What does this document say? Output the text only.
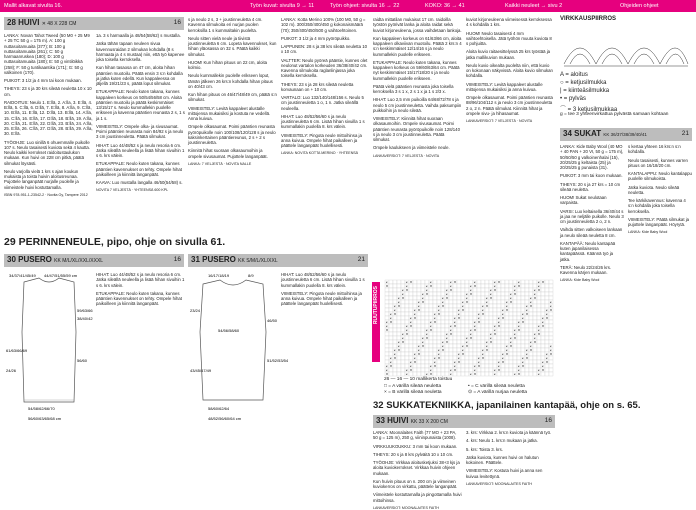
Mallit alkavat sivulta 16.	Työn kuvat: sivulta 9 → 11	Työn ohjeet: sivulta 16 → 22	KOKO: 36 → 41	Kaikki neuleet → sivu 2	Ohjeiden ohjeet
28 HUIVI ✕ 48 X 228 CM	16

LANKA: Novan Tahot Tweed (50 M0 + 25 M9 + 25 TC 50 g = 175 m). A: 100 g nuttasoitamuaita (377); B: 100 g nuttasoitamuaita (261); C: 50 g harmaanruskea (180); D: 100 g nuttasoitamuaita (180); E: 50 g vintilöikkä (258); F: 50 g tuntikaantika (171); G: 50 g valkoinen (170).

PUIKOT: 3 1/2 ja 4 mm tai koon mukaan.

TIHEYS: 23 s ja 30 krs sileää neuletta 10 x 10 cm.

RAIDOITUS: Neulo 1. E:llä, 2. A:lla, 3. E:llä, 4. B:llä, 5. C:llä, 6. D:llä, 7. E:llä, 8. A:lla, 9. C:llä, 10. B:llä, 11. E:llä, 12. D:llä, 13. B:llä, 14. A:lla, 15. C:llä, 16. E:llä, 17. D:llä, 18. B:llä, 19. A:lla, 20. C:llä, 21. E:llä, 22. D:llä, 23. B:llä, 24. A:lla, 25. E:llä, 26. C:llä, 27. D:llä, 28. B:llä, 29. A:lla, 30. E:llä.

TYÖOHJE: Luo sinillä 6 ohuemmalle puikolle 107 s. Neulo tasaisesti kuviota sekä 4 kautta. Neulo kaikki kerrokset raidoitustaulukon mukaan. Kun huivi on 228 cm pitkä, päätä silmukat löysästi.

Neulo varjolla vielä 1 krs s ajan koukun mukaista ja toista huivin aloitusreunaa. Pujottele langanpäät nurjalle puolelle ja viimeistele huivi kostuttamalla.

ISBN 978-951-1-23542-2 · Novita Oy, Tampere 2012

1a. 3 s harmaalla ja 48/54(58/62) s mustalla.

Jatka tähän tapaan neuleen sivua kavennusraidan 2 silmukan kohdalla (8 s harmaata ja 4 s mustaa) niin, että työ kapenee joka toisella kerroksella.

Kun hihan tasaosa on 47 cm, aloita hihan pääntien muotoilu. Päätä ensin 3 s:n kohdalla ja jatka kuten edellä. Kun kappaleessa on jäljellä 19/21/23 s, päätä loput silmukat.

ETUKAPPALE: Neulo kuten takana, kunnes kappaleen korkeus on 50/54/56/58 cm. Aloita pääntien muotoilu ja päätä keskimmäiset 13/15/17 s. Neulo kummallekin puolelle erikseen ja kavenna pääntien reunasta 2 s, 1 s ja 1 s.

VIIMEISTELY: Ompele olka- ja sivusaumat. Poimi pääntien reunasta noin 84/92 s ja neulo 3 cm joustinneuletta. Päätä silmukat.

HIHAT: Luo 44/48/52 s ja neulo resoria 6 cm. Jatka sileällä neuleella ja lisää hihan sivuihin 1 s 6. krs välein.

ETUKAPPALE: Neulo kuten takana, kunnes pääntien kavennukset on tehty. Ompele hihat paikoilleen ja kiinnitä langanpäät.

KAAVA: Luo mustalla langalla 46/50(54/58) s.

NOVITA 7 VELJESTÄ · YHTEENSÄ 600 KPL

29 PERINNENEULE, pipo, ohje on sivulla 61.
30 PUSERO KK M/L/XL/XXL/XXXL	16
34/37/41/45/49 44/47/51/55/59 cm
59/63/66
38/40/42
56/60
54/58/62/66/70
61/63/66/69
24/26
56/60/63/65/68 cm

HIHAT: Luo 44/48/52 s ja neulo resoria 6 cm. Jatka sileällä neuleella ja lisää hihan sivuihin 1 s 6. krs välein.

ETUKAPPALE: Neulo kuten takana, kunnes pääntien kavennukset on tehty. Ompele hihat paikoilleen ja kiinnitä langanpäät.

31 PUSERO KK S/M/L/XL/XXL	21

s ja neulo 2 s, 3 + joustinneuletta 4 cm. Kavenna silmukoita eri nurjan puolen kerroksilla 1 s kummaltakin puolelta.

Neulo sitten vielä neule ja tiivistä joustinneuletta 6 cm. Lopeta kavennukset, kun hihan yläosassa on 32 s. Päätä kaikki silmukat.

HUOM! Kun hihan pituus on 22 cm, aloita kolmio.

Neulo kummallekin puolelle erikseen loput, tämän jälkeen 26 krs:n kohdalla hihan pituus on 40/43 cm.

Kun hihan pituus on 46/47/48/49 cm, päätä s:n silmukat.

VIIMEISTELY: Levitä kappaleet alustalle mittojensa mukaisiksi ja kostuta ne vedellä. Anna kuivua.

Ompele olkasaumat. Poimi pääntien reunasta pyöröpuikolle noin 100/108/120/128 s ja neulo kaksinkertainen pääntiereunus, 2 s + 2 s joustinneuletta.

Kiinnitä hihat suoraan olkasaumoihin ja ompele sivusaumat. Pujottele langanpäät.

LANKA: 7 VELJESTÄ · NOVITA NALLE

LANKA: Kotta Merino 100% (100 M0, 50 g = 102 m). 300/350/400/450 g kokonaismäärä (70); 350/400/450/500 g vaihtoehtoinen.

PUIKOT: 3 1/2 ja 4 mm pyöröpuikko.

LAPPUNEN: 28 s ja 38 krs sileää neuletta 10 x 10 cm.

VALTTER: Neulo pyöreä pääntie, kunnes olet neulonut vartalon korkeuden 36/38/40/42 cm. Kavenna silmukoita raglanlinjassa joka toisella kerroksella.

TIHEYS: 23 s ja 28 krs sileää neuletta korvaunaan on + 10 cm.

VARTALO: Luo 132/140/148/156 s. Neulo 5 cm joustinneuletta 1 o, 1 n. Jatka sileällä neuleella.

HIHAT: Luo 48/52/56/60 s ja neulo joustinneuletta 6 cm. Lisää hihan sivuilla 1 s kummallakin puolella 8. krs välein.

VIIMEISTELY: Pingota neule mittoihinsa ja anna kuivua. Ompele hihat paikalleen ja päättele langanpäät huolellisesti.

LANKA: NOVITA KOTTA MERINO · YHTEENSÄ

16/17/18/19	8/9
23/24
54/56/58/60
46/50
51/52/53/54
43/45/47/49
58/60/62/64
48/52/56/60/64 cm

HIHAT: Luo 48/52/56/60 s ja neulo joustinneuletta 6 cm. Lisää hihan sivuilla 1 s kummallakin puolella 8. krs välein.

VIIMEISTELY: Pingota neule mittoihinsa ja anna kuivua. Ompele hihat paikalleen ja päättele langanpäät huolellisesti.

raidta mittatilan mukaisut 17 cm. raidoilla työstön pyörivät lanka ja aloita raidat sekä kuviot kirjoneuleena, jossa vaihdetaan lankoja.

Kun kappaleen korkeus on 61/63/66 cm, aloita kappaleen olkaviivan muotoilu. Päätä 2 krs:n 4 s:n keskimmäiset 12/14/16 s ja neulo kummallekin puolelle erikseen.

ETUKAPPALE: Neulo kuten takana, kunnes kappaleen korkeus on 59/60/63/64 cm. Päätä nyt keskimmäiset 15/17/18/20 s ja neulo kummallekin puolelle erikseen.

Päätä vielä pääntien reunasta joka toisella kerroksella 3 s 1 x, 2 s 1 x ja 1 s 2/3 x.

HIHAT: Luo 2,5 mm puikoilla 64/68/72/78 s ja neulo 5 cm joustinneuletta. Vaihda paksumpiin puikkoihin ja neulo sileää.

VIIMEISTELY: Kiinnitä hihat suoraan olkasaumoihin. Ompele sivusaumat. Poimi pääntien reunasta pyöröpuikolle noin 128/140 s ja neulo 3 cm joustinneuletta. Päätä silmukat.

Ompele kaulukseen ja viimeistele neule.

LANKAVERSIOT: 7 VELJESTÄ · NOVITA

kuviot kirjoneuleena viimeisessä kerroksessa 4 s kohdalla 1 krs.

HUOM! Neulo tasaisesti 4 mm vaihtoehtoisella. Jätä työhön muuta kuviota 8 s pohjuitta.

Aloita kuvio raitaesittelyssä 25 krs työstää ja jatka mallikuvion mukaan.

Neulo kuvio oikealta puolelta niin, että kuvio on kokonaan näkyvissä. Aloita kuvio silmukan kohdalla.

VIIMEISTELY: Levitä kappaleet alustalle mittojensa mukaisiksi ja anna kuivua.

Ompele olkasaumat. Poimi pääntien reunasta 88/96/104/112 s ja neulo 3 cm joustinneuletta 2 o, 2 n. Päätä silmukat. Kiinnitä hihat ja ompele sivu- ja hihasaumat.

LANKAVERSIOT: 7 VELJESTÄ · NOVITA

RUUTUPIIRROS
×	×	×	×	×	×	×	×
×	×	×	×	×	×	×
×	×	×	×	×	×	×
×	×	×	×	×	×	×
×	×	×	×	×	×	×
×	×	×	×	×	×	×	×
×	×	×	×	×	×	×	×
×	×	×	×	×	×	×	×
×	×	×	×	×	×	×	×
×	×	×	×	×	×	×	×
×	×	×	×	×	×	×	×
×	×	×	×	×	×	×	×
×	×	×	×	×	×	×
×	×	×	×	×	×	×
×	×	×	×	×	×	×
×	×	×	×	×	×	×
×	×	×	×	×	×	×	×
×	×	×	×	×	×	×	×
×	×	×	×	×	×	×	×
×	×	×	×	×	×	×	×
×	×	×	×	×	×	×	×
×	×	×	×	×	×	×	×
×	×	×	×	×	×	×	×
×	×	×	×	×	×	×
26 — 16 — 10 mallikerta toistuu
□ = A värillä sileää neuletta
× = B värillä sileää neuletta
• = C värillä sileää neuletta
⊙ = A värillä nurjaa neuletta
32 SUKKATEKNIIKKA, japanilainen kantapää, ohje on s. 65.
33 HUIVI KK 33 X 200 CM	16

LANKA: Moonalaites Faith (77 MO + 23 PA, 50 g = 125 m), 250 g, viininpunaista (1008).

VIRKKUUKOUKKU: 3 mm tai koon mukaan.

TIHEYS: 20 s ja 8 krs pylväitä 10 x 10 cm.

TYÖOHJE: Virkkaa aloitusketjuksi 38+3 kjs ja aloita kuviokerrokset. Virkkaa huivin ohjeen mukaan.

Kun huivin pituus on n. 200 cm ja viimeinen kuviokerros on virkattu, päättele langanpäät.

Viimeistele kostuttamalla ja pingottamalla huivi mittoihinsa.

LANKAVERSIOT: MOONALAITES FAITH

3. krs: Virkkaa 2. krs:n kuviota ja käännä työ.

4. krs: Neulo 1. krs:n mukaan ja jatka.

5. krs: Toista 3. krs.

Jatka kuviota, kunnes huivi on halutun kokoinen. Päättele.

VIIMEISTELY: Kostuta huivi ja anna sen kuivua levitettynä.

LANKAVERSIOT: MOONALAITES FAITH

VIRKKAUSPIIRROS
A = aloitus
○ = ketjusilmukka
| = kiinteäsilmukka
• = pylväs
⌒ = 3 ketjusilmukkaa
g = tee 3 yhteenvirkattua pylvästä samaan kohtaan
34 SUKAT KK 36/37/38/39/40/41	21

LANKA: Kide Baby Wool (40 MO + 40 PAN + 20 VI, 50 g = 175 m), 50/50/50 g valkoinenhalai (15), 20/25/25 g keltaista (25) ja 20/25/25 g punaista (31).

PUIKOT: 3 mm tai koon mukaan.

TIHEYS: 20 s ja 27 krs = 10 cm sileää neuletta.

HUOM! Sukat neulotaan varpaista.

VARSI: Luo keltaisella 36/40/44 s ja jaa ne neljälle puikolle. Neulo 3 cm joustinneuletta 2 o, 2 n.

Vaihda sitten valkoiseen lankaan ja neulo sileää neuletta 8 cm.

KANTAPÄÄ: Neulo kantapää kuten japanilaisessa kantapäässä. Käännä työ ja jatka.

TERÄ: Neulo 22/24/26 krs. Kavenna kärjen mukaan.

LANKA: Kide Baby Wool

s kertaa yhteen 16 krs:n s:n kohdalla.

Neulo tasaisesti, kunnes varren pituus on 16/18/20 cm.

KANTALAPPU: Neulo kantalappu puolelle silmukoista.

Jatka kuviota. Neulo sileää neuletta.

Tee kärkikavennus: kavenna 4 s:n kohdalla joka toisella kerroksella.

VIIMEISTELY: Päätä silmukat ja pujottele langanpäät. Höyrytä.

LANKA: Kide Baby Wool
